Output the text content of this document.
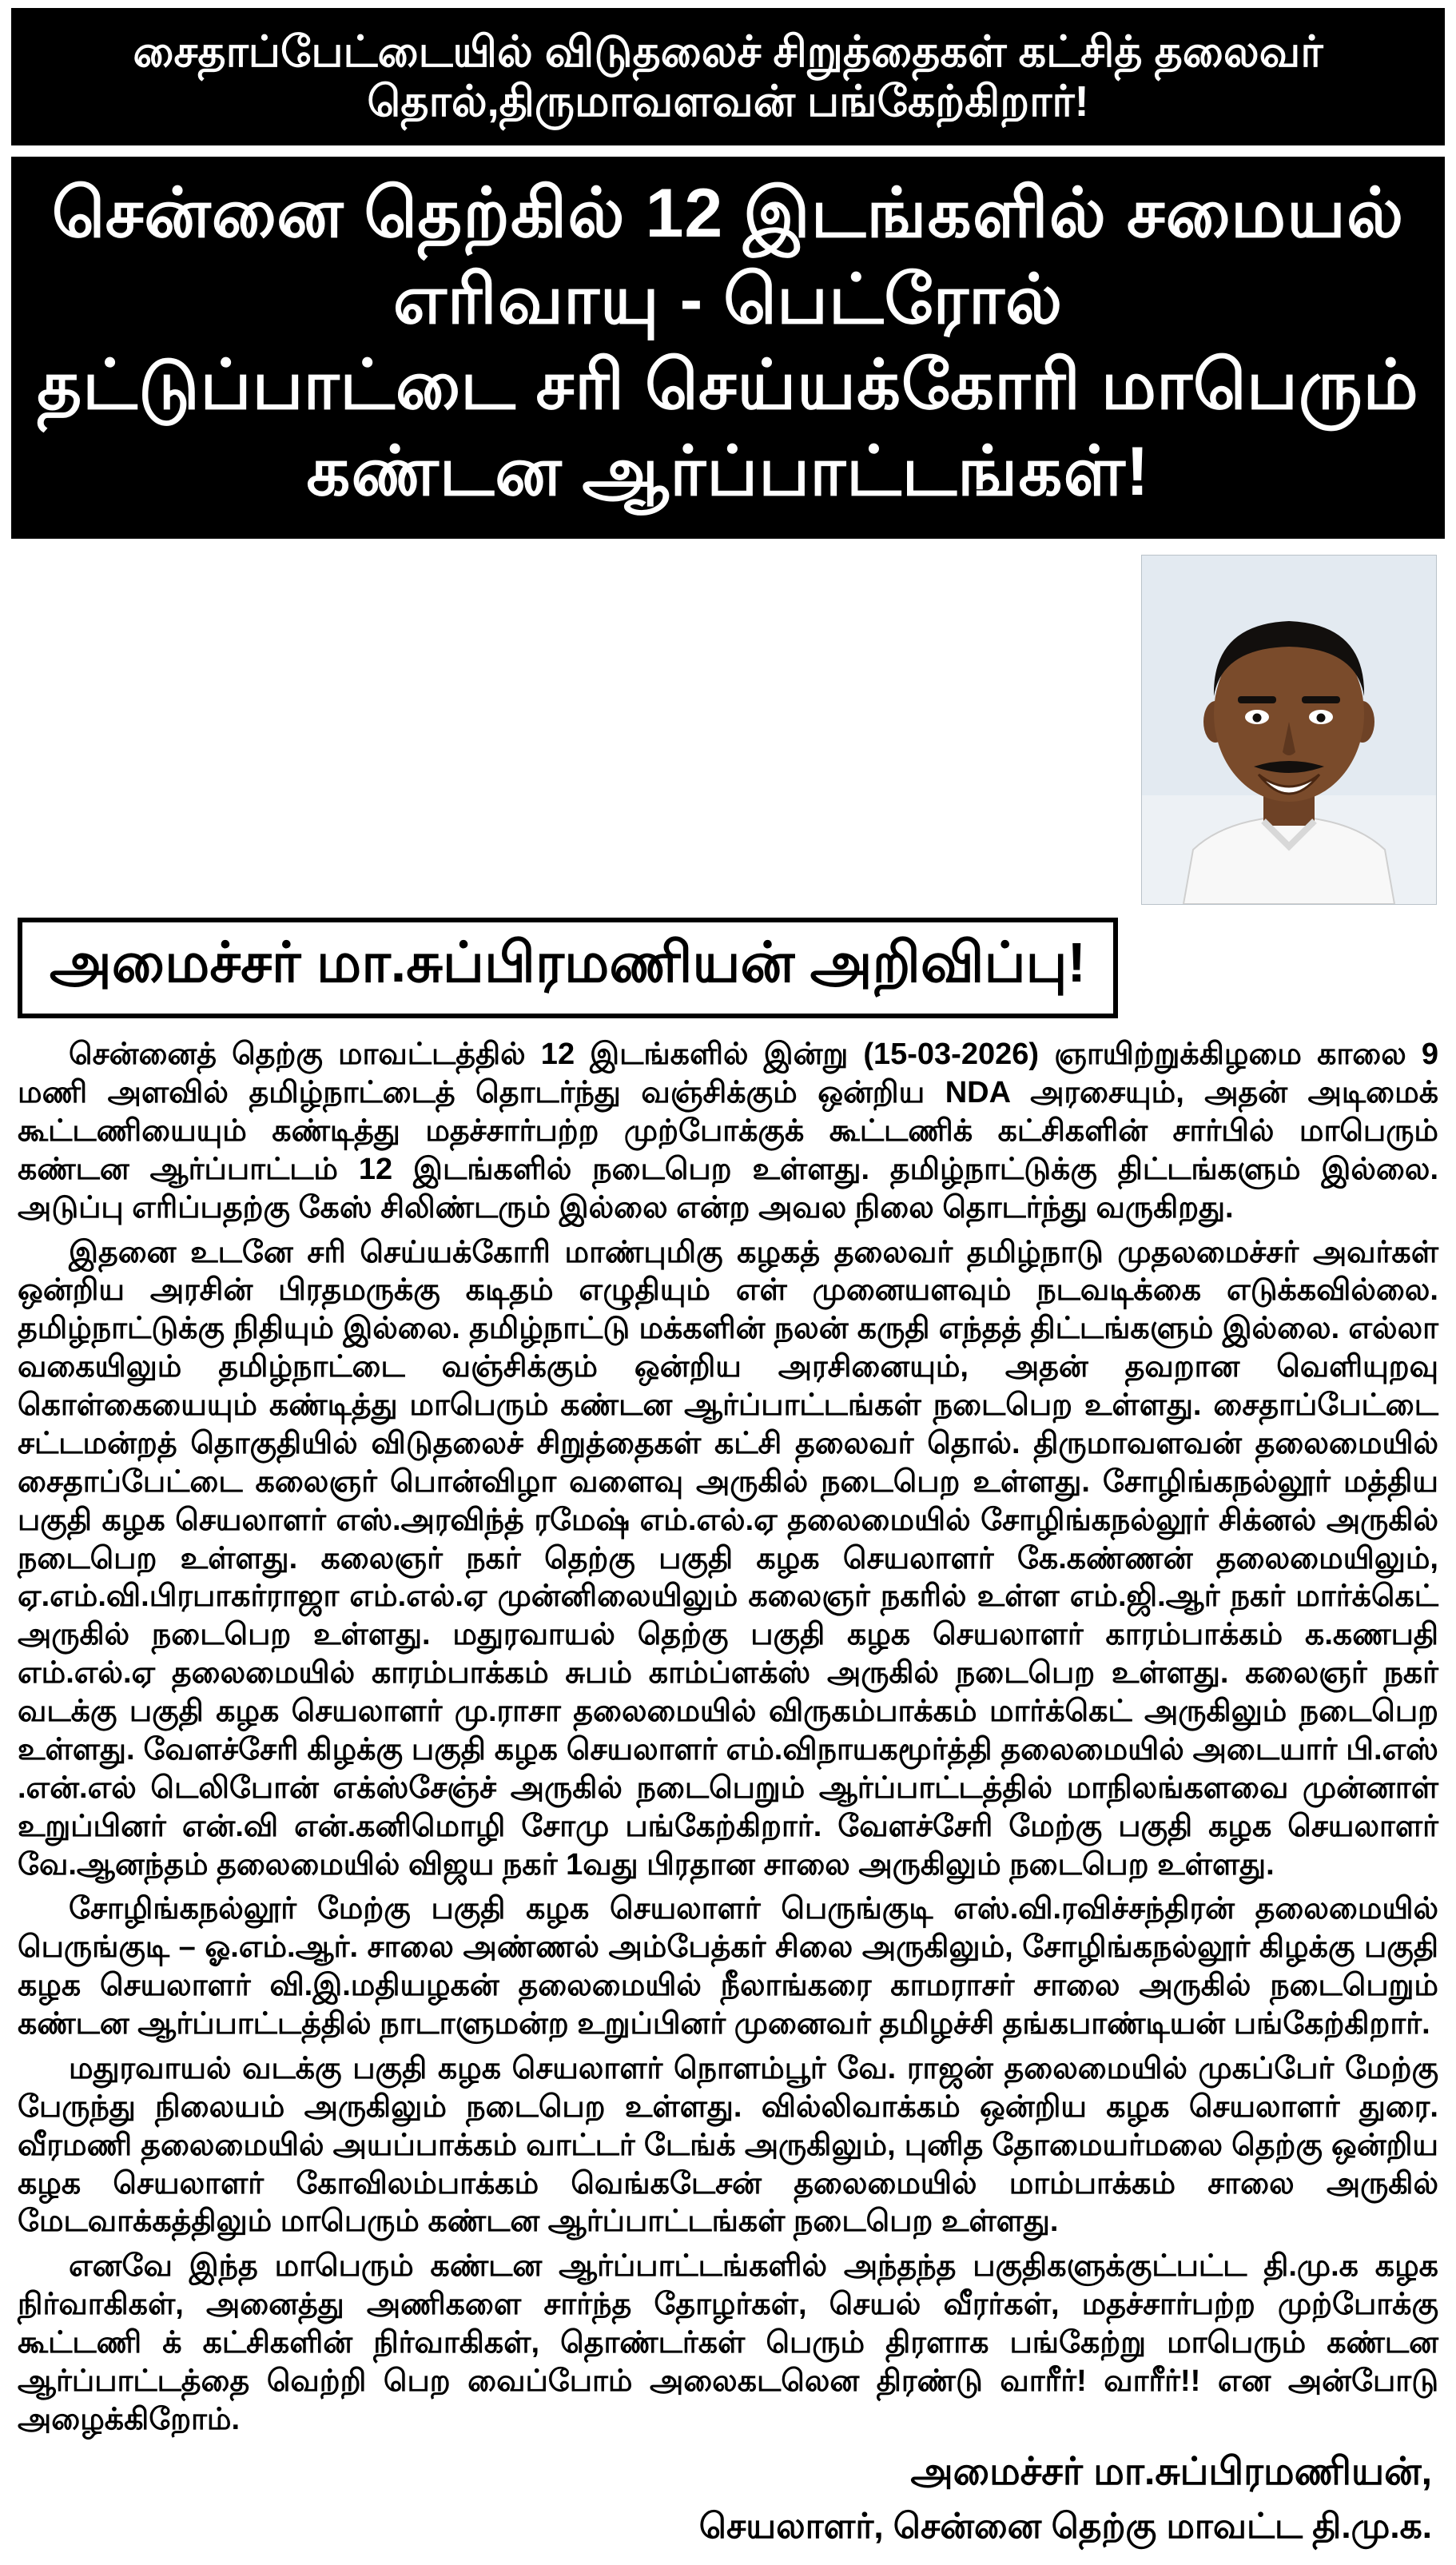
சைதாப்பேட்டையில் விடுதலைச் சிறுத்தைகள் கட்சித் தலைவர் தொல்,திருமாவளவன் பங்கேற்கிறார்!
சென்னை தெற்கில் 12 இடங்களில் சமையல் எரிவாயு - பெட்ரோல்
தட்டுப்பாட்டை சரி செய்யக்கோரி மாபெரும் கண்டன ஆர்ப்பாட்டங்கள்!
அமைச்சர் மா.சுப்பிரமணியன் அறிவிப்பு!

சென்னைத் தெற்கு மாவட்டத்தில் 12 இடங்களில் இன்று (15-03-2026) ஞாயிற்றுக்கிழமை காலை 9 மணி அளவில் தமிழ்நாட்டைத் தொடர்ந்து வஞ்சிக்கும் ஒன்றிய NDA அரசையும், அதன் அடிமைக் கூட்டணியையும் கண்டித்து மதச்சார்பற்ற முற்போக்குக் கூட்டணிக் கட்சிகளின் சார்பில் மாபெரும் கண்டன ஆர்ப்பாட்டம் 12 இடங்களில் நடைபெற உள்ளது. தமிழ்நாட்டுக்கு திட்டங்களும் இல்லை. அடுப்பு எரிப்பதற்கு கேஸ் சிலிண்டரும் இல்லை என்ற அவல நிலை தொடர்ந்து வருகிறது.

இதனை உடனே சரி செய்யக்கோரி மாண்புமிகு கழகத் தலைவர் தமிழ்நாடு முதலமைச்சர் அவர்கள் ஒன்றிய அரசின் பிரதமருக்கு கடிதம் எழுதியும் எள் முனையளவும் நடவடிக்கை எடுக்கவில்லை. தமிழ்நாட்டுக்கு நிதியும் இல்லை. தமிழ்நாட்டு மக்களின் நலன் கருதி எந்தத் திட்டங்களும் இல்லை. எல்லா வகையிலும் தமிழ்நாட்டை வஞ்சிக்கும் ஒன்றிய அரசினையும், அதன் தவறான வெளியுறவு கொள்கையையும் கண்டித்து மாபெரும் கண்டன ஆர்ப்பாட்டங்கள் நடைபெற உள்ளது. சைதாப்பேட்டை சட்டமன்றத் தொகுதியில் விடுதலைச் சிறுத்தைகள் கட்சி தலைவர் தொல். திருமாவளவன் தலைமையில் சைதாப்பேட்டை கலைஞர் பொன்விழா வளைவு அருகில் நடைபெற உள்ளது. சோழிங்கநல்லூர் மத்திய பகுதி கழக செயலாளர் எஸ்.அரவிந்த் ரமேஷ் எம்.எல்.ஏ தலைமையில் சோழிங்கநல்லூர் சிக்னல் அருகில் நடைபெற உள்ளது. கலைஞர் நகர் தெற்கு பகுதி கழக செயலாளர் கே.கண்ணன் தலைமையிலும், ஏ.எம்.வி.பிரபாகர்ராஜா எம்.எல்.ஏ முன்னிலையிலும் கலைஞர் நகரில் உள்ள எம்.ஜி.ஆர் நகர் மார்க்கெட் அருகில் நடைபெற உள்ளது. மதுரவாயல் தெற்கு பகுதி கழக செயலாளர் காரம்பாக்கம் க.கணபதி எம்.எல்.ஏ தலைமையில் காரம்பாக்கம் சுபம் காம்ப்ளக்ஸ் அருகில் நடைபெற உள்ளது. கலைஞர் நகர் வடக்கு பகுதி கழக செயலாளர் மு.ராசா தலைமையில் விருகம்பாக்கம் மார்க்கெட் அருகிலும் நடைபெற உள்ளது. வேளச்சேரி கிழக்கு பகுதி கழக செயலாளர் எம்.விநாயகமூர்த்தி தலைமையில் அடையார் பி.எஸ் .என்.எல் டெலிபோன் எக்ஸ்சேஞ்ச் அருகில் நடைபெறும் ஆர்ப்பாட்டத்தில் மாநிலங்களவை முன்னாள் உறுப்பினர் என்.வி என்.கனிமொழி சோமு பங்கேற்கிறார். வேளச்சேரி மேற்கு பகுதி கழக செயலாளர் வே.ஆனந்தம் தலைமையில் விஜய நகர் 1வது பிரதான சாலை அருகிலும் நடைபெற உள்ளது.

சோழிங்கநல்லூர் மேற்கு பகுதி கழக செயலாளர் பெருங்குடி எஸ்.வி.ரவிச்சந்திரன் தலைமையில் பெருங்குடி – ஓ.எம்.ஆர். சாலை அண்ணல் அம்பேத்கர் சிலை அருகிலும், சோழிங்கநல்லூர் கிழக்கு பகுதி கழக செயலாளர் வி.இ.மதியழகன் தலைமையில் நீலாங்கரை காமராசர் சாலை அருகில் நடைபெறும் கண்டன ஆர்ப்பாட்டத்தில் நாடாளுமன்ற உறுப்பினர் முனைவர் தமிழச்சி தங்கபாண்டியன் பங்கேற்கிறார்.

மதுரவாயல் வடக்கு பகுதி கழக செயலாளர் நொளம்பூர் வே. ராஜன் தலைமையில் முகப்பேர் மேற்கு பேருந்து நிலையம் அருகிலும் நடைபெற உள்ளது. வில்லிவாக்கம் ஒன்றிய கழக செயலாளர் துரை. வீரமணி தலைமையில் அயப்பாக்கம் வாட்டர் டேங்க் அருகிலும், புனித தோமையர்மலை தெற்கு ஒன்றிய கழக செயலாளர் கோவிலம்பாக்கம் வெங்கடேசன் தலைமையில் மாம்பாக்கம் சாலை அருகில் மேடவாக்கத்திலும் மாபெரும் கண்டன ஆர்ப்பாட்டங்கள் நடைபெற உள்ளது.

எனவே இந்த மாபெரும் கண்டன ஆர்ப்பாட்டங்களில் அந்தந்த பகுதிகளுக்குட்பட்ட தி.மு.க கழக நிர்வாகிகள், அனைத்து அணிகளை சார்ந்த தோழர்கள், செயல் வீரர்கள், மதச்சார்பற்ற முற்போக்கு கூட்டணி க் கட்சிகளின் நிர்வாகிகள், தொண்டர்கள் பெரும் திரளாக பங்கேற்று மாபெரும் கண்டன ஆர்ப்பாட்டத்தை வெற்றி பெற வைப்போம் அலைகடலென திரண்டு வாரீர்! வாரீர்!! என அன்போடு அழைக்கிறோம்.

அமைச்சர் மா.சுப்பிரமணியன்,
செயலாளர், சென்னை தெற்கு மாவட்ட தி.மு.க.
